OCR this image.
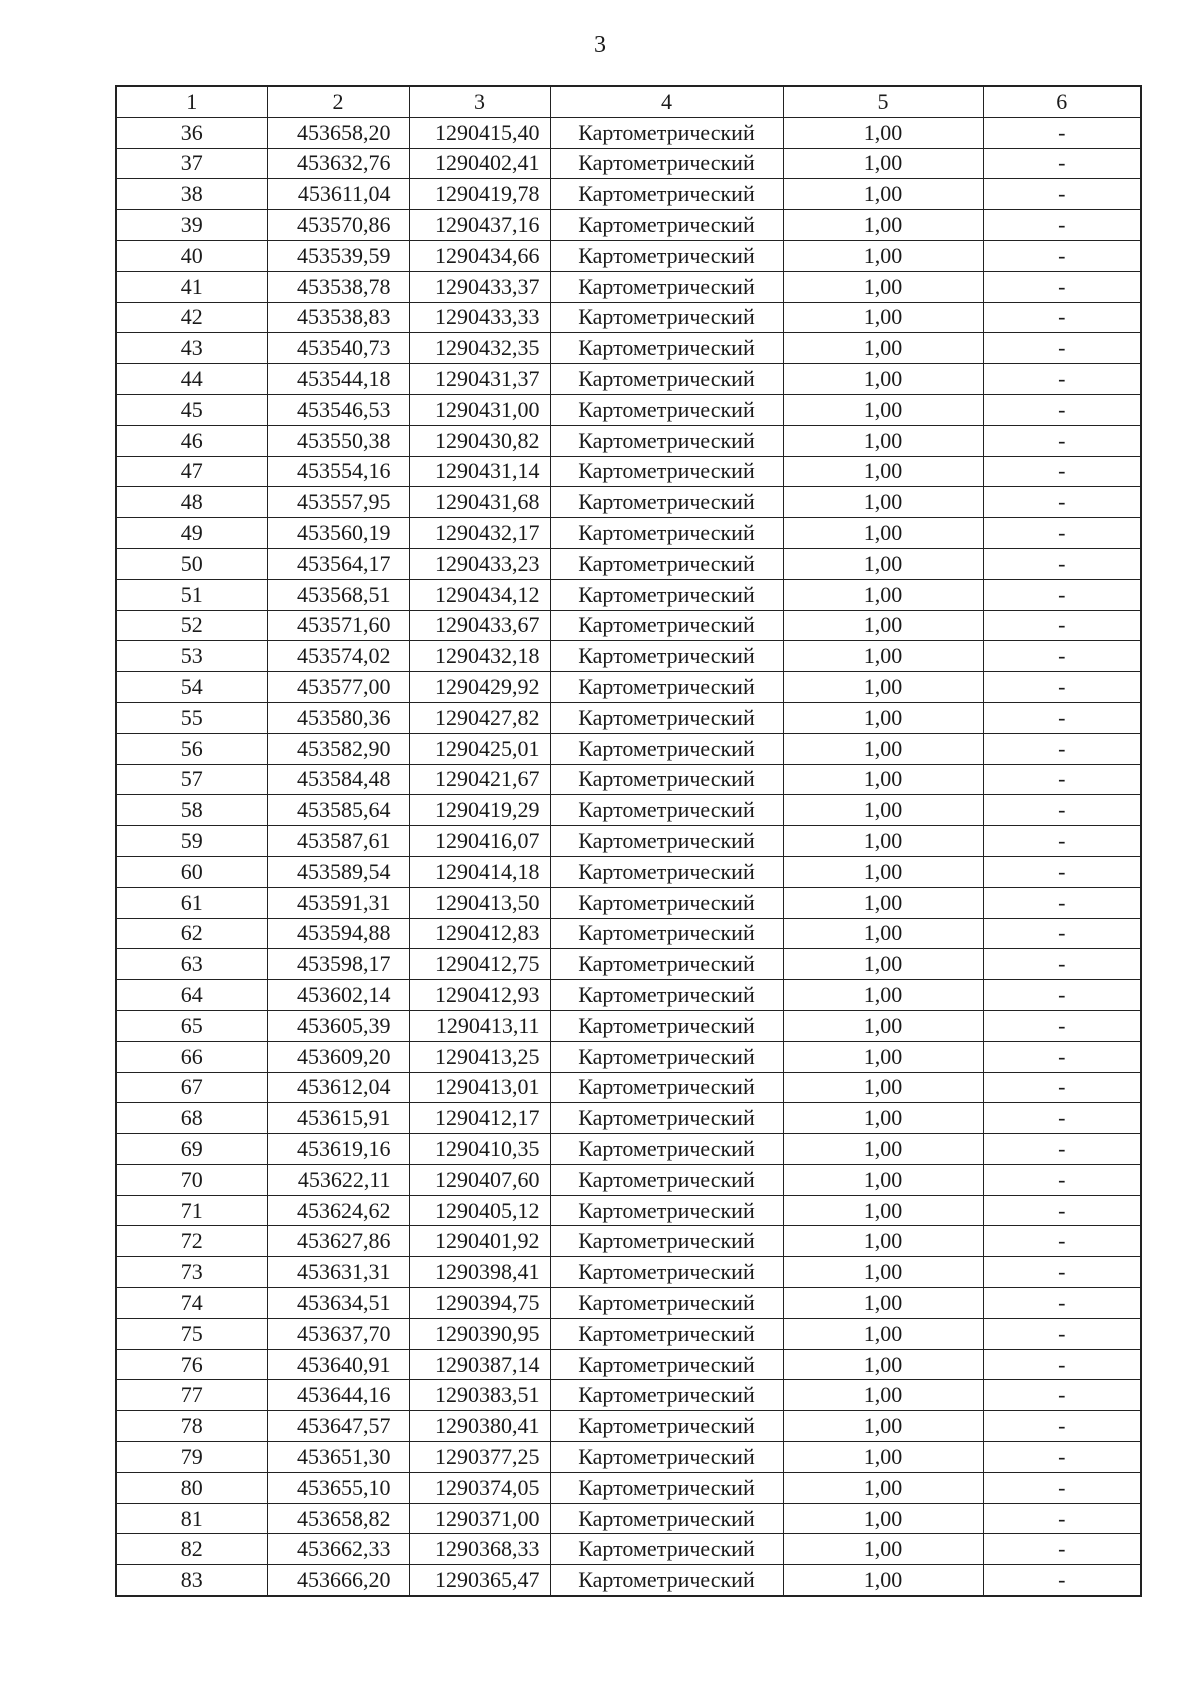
3
1	2	3	4	5	6
36	453658,20	1290415,40	Картометрический	1,00	-
37	453632,76	1290402,41	Картометрический	1,00	-
38	453611,04	1290419,78	Картометрический	1,00	-
39	453570,86	1290437,16	Картометрический	1,00	-
40	453539,59	1290434,66	Картометрический	1,00	-
41	453538,78	1290433,37	Картометрический	1,00	-
42	453538,83	1290433,33	Картометрический	1,00	-
43	453540,73	1290432,35	Картометрический	1,00	-
44	453544,18	1290431,37	Картометрический	1,00	-
45	453546,53	1290431,00	Картометрический	1,00	-
46	453550,38	1290430,82	Картометрический	1,00	-
47	453554,16	1290431,14	Картометрический	1,00	-
48	453557,95	1290431,68	Картометрический	1,00	-
49	453560,19	1290432,17	Картометрический	1,00	-
50	453564,17	1290433,23	Картометрический	1,00	-
51	453568,51	1290434,12	Картометрический	1,00	-
52	453571,60	1290433,67	Картометрический	1,00	-
53	453574,02	1290432,18	Картометрический	1,00	-
54	453577,00	1290429,92	Картометрический	1,00	-
55	453580,36	1290427,82	Картометрический	1,00	-
56	453582,90	1290425,01	Картометрический	1,00	-
57	453584,48	1290421,67	Картометрический	1,00	-
58	453585,64	1290419,29	Картометрический	1,00	-
59	453587,61	1290416,07	Картометрический	1,00	-
60	453589,54	1290414,18	Картометрический	1,00	-
61	453591,31	1290413,50	Картометрический	1,00	-
62	453594,88	1290412,83	Картометрический	1,00	-
63	453598,17	1290412,75	Картометрический	1,00	-
64	453602,14	1290412,93	Картометрический	1,00	-
65	453605,39	1290413,11	Картометрический	1,00	-
66	453609,20	1290413,25	Картометрический	1,00	-
67	453612,04	1290413,01	Картометрический	1,00	-
68	453615,91	1290412,17	Картометрический	1,00	-
69	453619,16	1290410,35	Картометрический	1,00	-
70	453622,11	1290407,60	Картометрический	1,00	-
71	453624,62	1290405,12	Картометрический	1,00	-
72	453627,86	1290401,92	Картометрический	1,00	-
73	453631,31	1290398,41	Картометрический	1,00	-
74	453634,51	1290394,75	Картометрический	1,00	-
75	453637,70	1290390,95	Картометрический	1,00	-
76	453640,91	1290387,14	Картометрический	1,00	-
77	453644,16	1290383,51	Картометрический	1,00	-
78	453647,57	1290380,41	Картометрический	1,00	-
79	453651,30	1290377,25	Картометрический	1,00	-
80	453655,10	1290374,05	Картометрический	1,00	-
81	453658,82	1290371,00	Картометрический	1,00	-
82	453662,33	1290368,33	Картометрический	1,00	-
83	453666,20	1290365,47	Картометрический	1,00	-
